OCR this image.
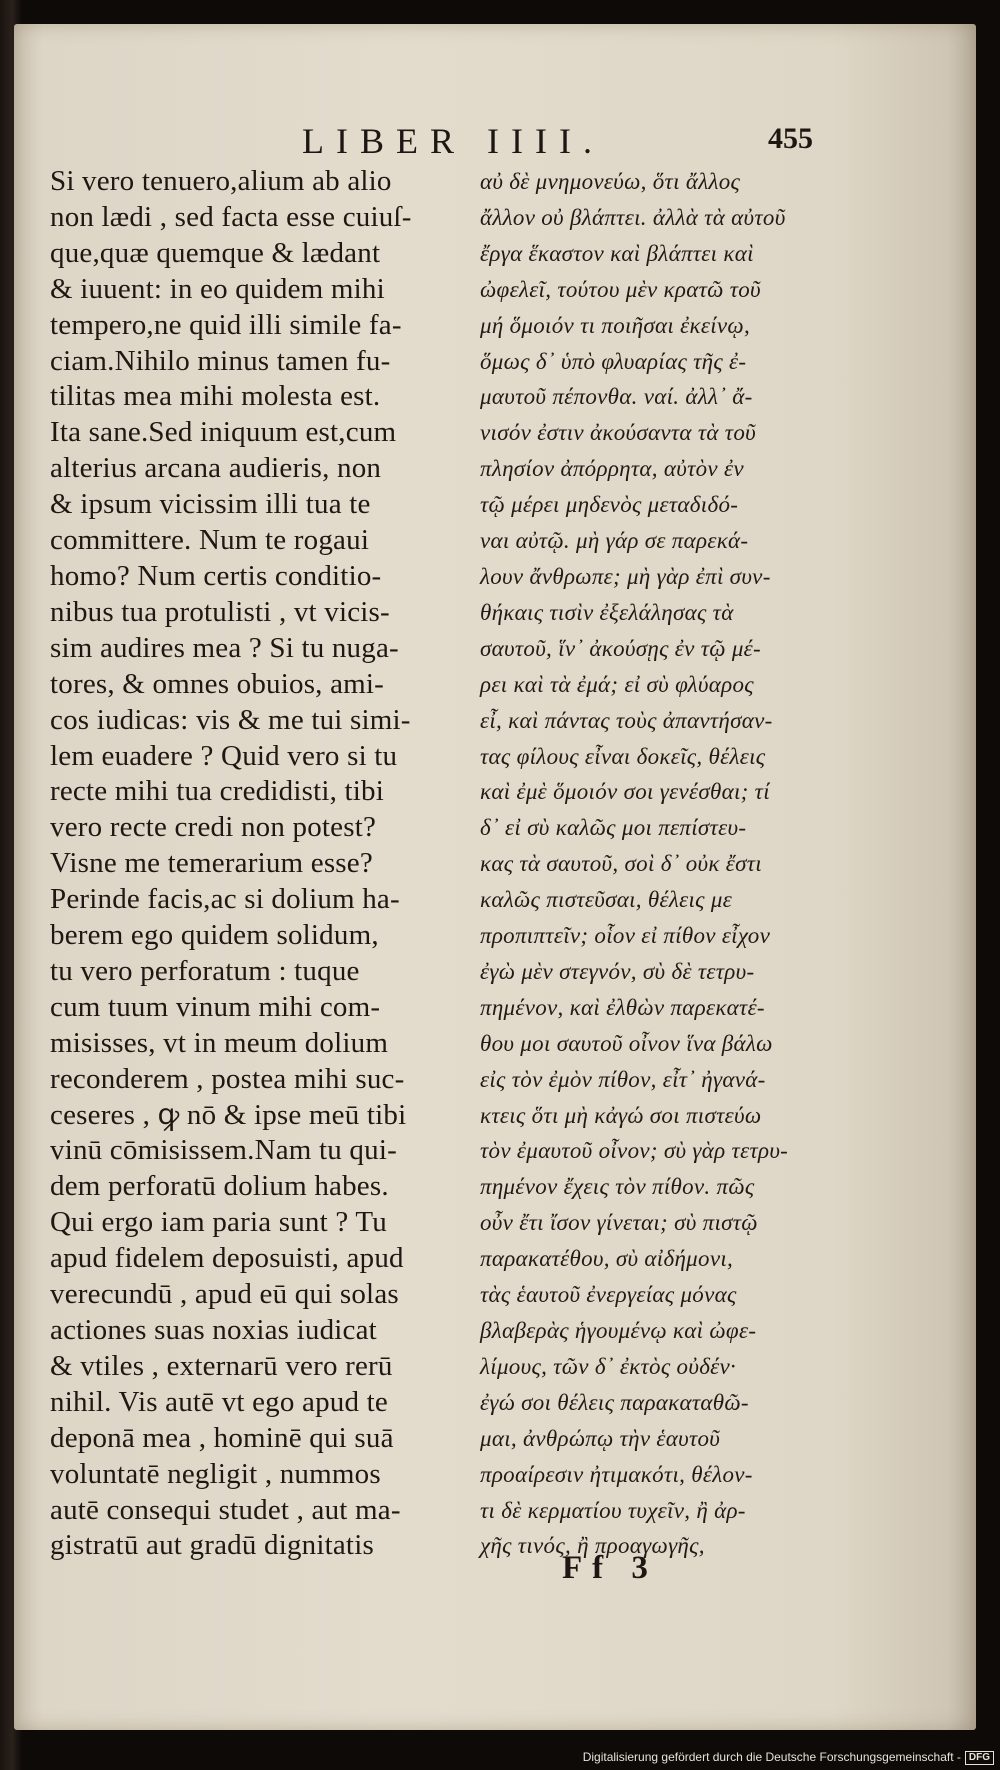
LIBER IIII.	455
Si vero tenuero,alium ab alio
non lædi , sed facta esse cuiuſ-
que,quæ quemque & lædant
& iuuent: in eo quidem mihi
tempero,ne quid illi simile fa-
ciam.Nihilo minus tamen fu-
tilitas mea mihi molesta est.
Ita sane.Sed iniquum est,cum
alterius arcana audieris, non
& ipsum vicissim illi tua te
committere. Num te rogaui
homo? Num certis conditio-
nibus tua protulisti , vt vicis-
sim audires mea ? Si tu nuga-
tores, & omnes obuios, ami-
cos iudicas: vis & me tui simi-
lem euadere ? Quid vero si tu
recte mihi tua credidisti, tibi
vero recte credi non potest?
Visne me temerarium esse?
Perinde facis,ac si dolium ha-
berem ego quidem solidum,
tu vero perforatum : tuque
cum tuum vinum mihi com-
misisses, vt in meum dolium
reconderem , postea mihi suc-
ceseres , ꝙ nō & ipse meū tibi
vinū cōmisissem.Nam tu qui-
dem perforatū dolium habes.
Qui ergo iam paria sunt ? Tu
apud fidelem deposuisti, apud
verecundū , apud eū qui solas
actiones suas noxias iudicat
& vtiles , externarū vero rerū
nihil. Vis autē vt ego apud te
deponā mea , hominē qui suā
voluntatē negligit , nummos
autē consequi studet , aut ma-
gistratū aut gradū dignitatis
αὐ δὲ μνημονεύω, ὅτι ἄλλος
ἄλλον οὐ βλάπτει. ἀλλὰ τὰ αὐτοῦ
ἔργα ἕκαστον καὶ βλάπτει καὶ
ὠφελεῖ, τούτου μὲν κρατῶ τοῦ
μή ὅμοιόν τι ποιῆσαι ἐκείνῳ,
ὅμως δ᾽ ὑπὸ φλυαρίας τῆς ἐ-
μαυτοῦ πέπονθα. ναί. ἀλλ᾽ ἄ-
νισόν ἐστιν ἀκούσαντα τὰ τοῦ
πλησίον ἀπόρρητα, αὐτὸν ἐν
τῷ μέρει μηδενὸς μεταδιδό-
ναι αὐτῷ. μὴ γάρ σε παρεκά-
λουν ἄνθρωπε; μὴ γὰρ ἐπὶ συν-
θήκαις τισὶν ἐξελάλησας τὰ
σαυτοῦ, ἵν᾽ ἀκούσῃς ἐν τῷ μέ-
ρει καὶ τὰ ἐμά; εἰ σὺ φλύαρος
εἶ, καὶ πάντας τοὺς ἀπαντήσαν-
τας φίλους εἶναι δοκεῖς, θέλεις
καὶ ἐμὲ ὅμοιόν σοι γενέσθαι; τί
δ᾽ εἰ σὺ καλῶς μοι πεπίστευ-
κας τὰ σαυτοῦ, σοὶ δ᾽ οὐκ ἔστι
καλῶς πιστεῦσαι, θέλεις με
προπιπτεῖν; οἷον εἰ πίθον εἶχον
ἐγὼ μὲν στεγνόν, σὺ δὲ τετρυ-
πημένον, καὶ ἐλθὼν παρεκατέ-
θου μοι σαυτοῦ οἶνον ἵνα βάλω
εἰς τὸν ἐμὸν πίθον, εἶτ᾽ ἠγανά-
κτεις ὅτι μὴ κἀγώ σοι πιστεύω
τὸν ἐμαυτοῦ οἶνον; σὺ γὰρ τετρυ-
πημένον ἔχεις τὸν πίθον. πῶς
οὖν ἔτι ἴσον γίνεται; σὺ πιστῷ
παρακατέθου, σὺ αἰδήμονι,
τὰς ἑαυτοῦ ἐνεργείας μόνας
βλαβερὰς ἡγουμένῳ καὶ ὠφε-
λίμους, τῶν δ᾽ ἐκτὸς οὐδέν·
ἐγώ σοι θέλεις παρακαταθῶ-
μαι, ἀνθρώπῳ τὴν ἑαυτοῦ
προαίρεσιν ἠτιμακότι, θέλον-
τι δὲ κερματίου τυχεῖν, ἢ ἀρ-
χῆς τινός, ἢ προαγωγῆς,
Ff 3
Digitalisierung gefördert durch die Deutsche Forschungsgemeinschaft - DFG
